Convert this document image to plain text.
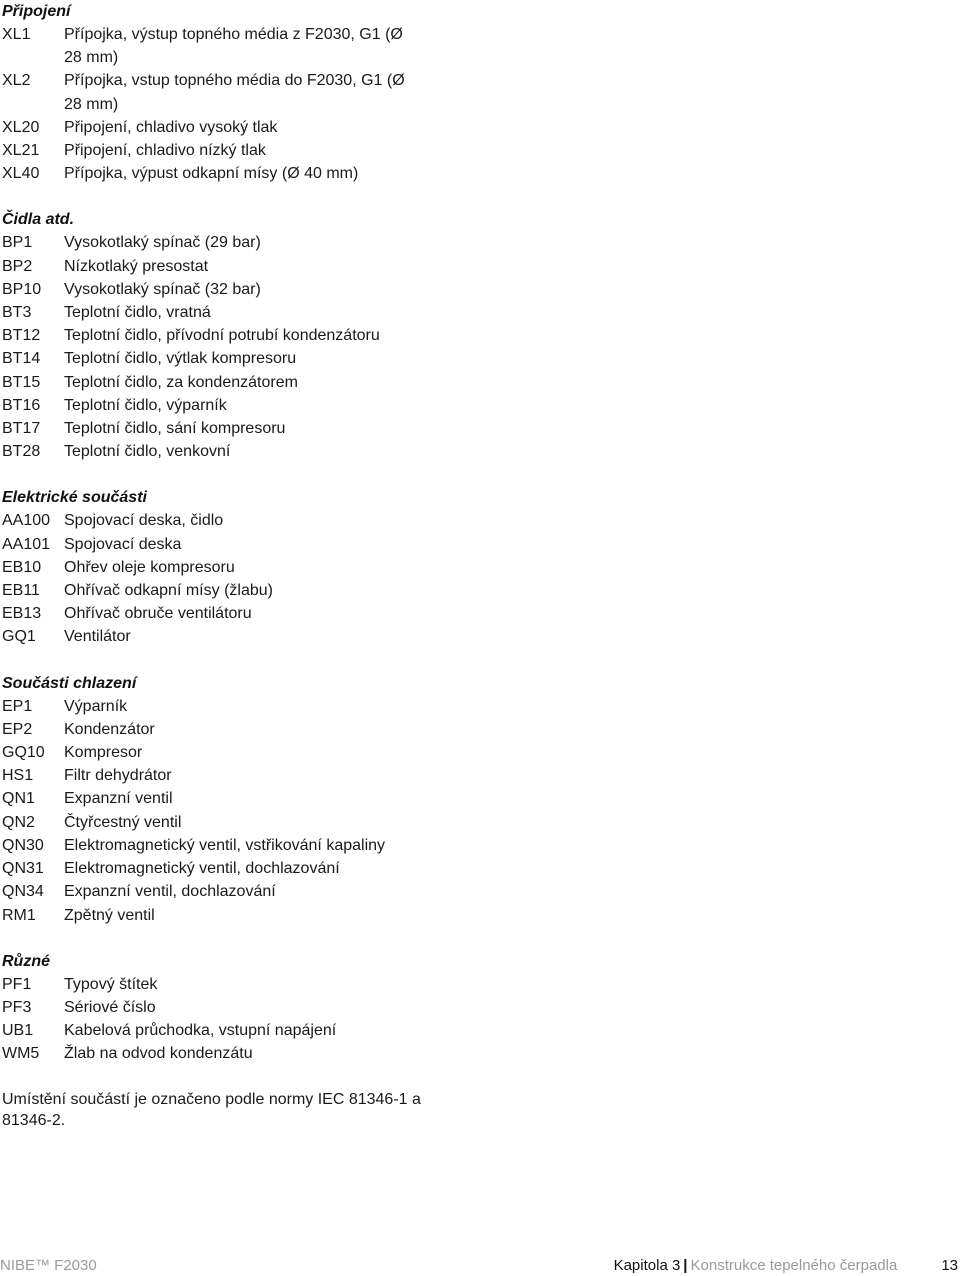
Připojení
XL1	Přípojka, výstup topného média z F2030, G1 (Ø 28 mm)
XL2	Přípojka, vstup topného média do F2030, G1 (Ø 28 mm)
XL20	Připojení, chladivo vysoký tlak
XL21	Připojení, chladivo nízký tlak
XL40	Přípojka, výpust odkapní mísy (Ø 40 mm)
Čidla atd.
BP1	Vysokotlaký spínač (29 bar)
BP2	Nízkotlaký presostat
BP10	Vysokotlaký spínač (32 bar)
BT3	Teplotní čidlo, vratná
BT12	Teplotní čidlo, přívodní potrubí kondenzátoru
BT14	Teplotní čidlo, výtlak kompresoru
BT15	Teplotní čidlo, za kondenzátorem
BT16	Teplotní čidlo, výparník
BT17	Teplotní čidlo, sání kompresoru
BT28	Teplotní čidlo, venkovní
Elektrické součásti
AA100 Spojovací deska, čidlo
AA101 Spojovací deska
EB10	Ohřev oleje kompresoru
EB11	Ohřívač odkapní mísy (žlabu)
EB13	Ohřívač obruče ventilátoru
GQ1	Ventilátor
Součásti chlazení
EP1	Výparník
EP2	Kondenzátor
GQ10	Kompresor
HS1	Filtr dehydrátor
QN1	Expanzní ventil
QN2	Čtyřcestný ventil
QN30	Elektromagnetický ventil, vstřikování kapaliny
QN31	Elektromagnetický ventil, dochlazování
QN34	Expanzní ventil, dochlazování
RM1	Zpětný ventil
Různé
PF1	Typový štítek
PF3	Sériové číslo
UB1	Kabelová průchodka, vstupní napájení
WM5	Žlab na odvod kondenzátu
Umístění součástí je označeno podle normy IEC 81346-1 a 81346-2.
NIBE™ F2030	Kapitola 3 | Konstrukce tepelného čerpadla	13
